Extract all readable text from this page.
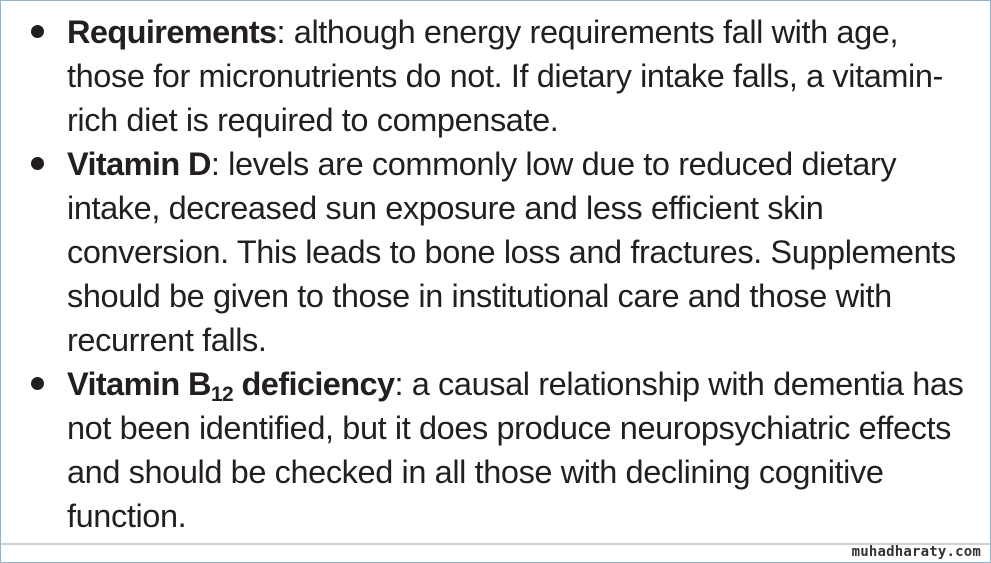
Requirements: although energy requirements fall with age, those for micronutrients do not. If dietary intake falls, a vitamin-rich diet is required to compensate.
Vitamin D: levels are commonly low due to reduced dietary intake, decreased sun exposure and less efficient skin conversion. This leads to bone loss and fractures. Supplements should be given to those in institutional care and those with recurrent falls.
Vitamin $B_{12}$ deficiency: a causal relationship with dementia has not been identified, but it does produce neuropsychiatric effects and should be checked in all those with declining cognitive function.
muhadharaty.com
